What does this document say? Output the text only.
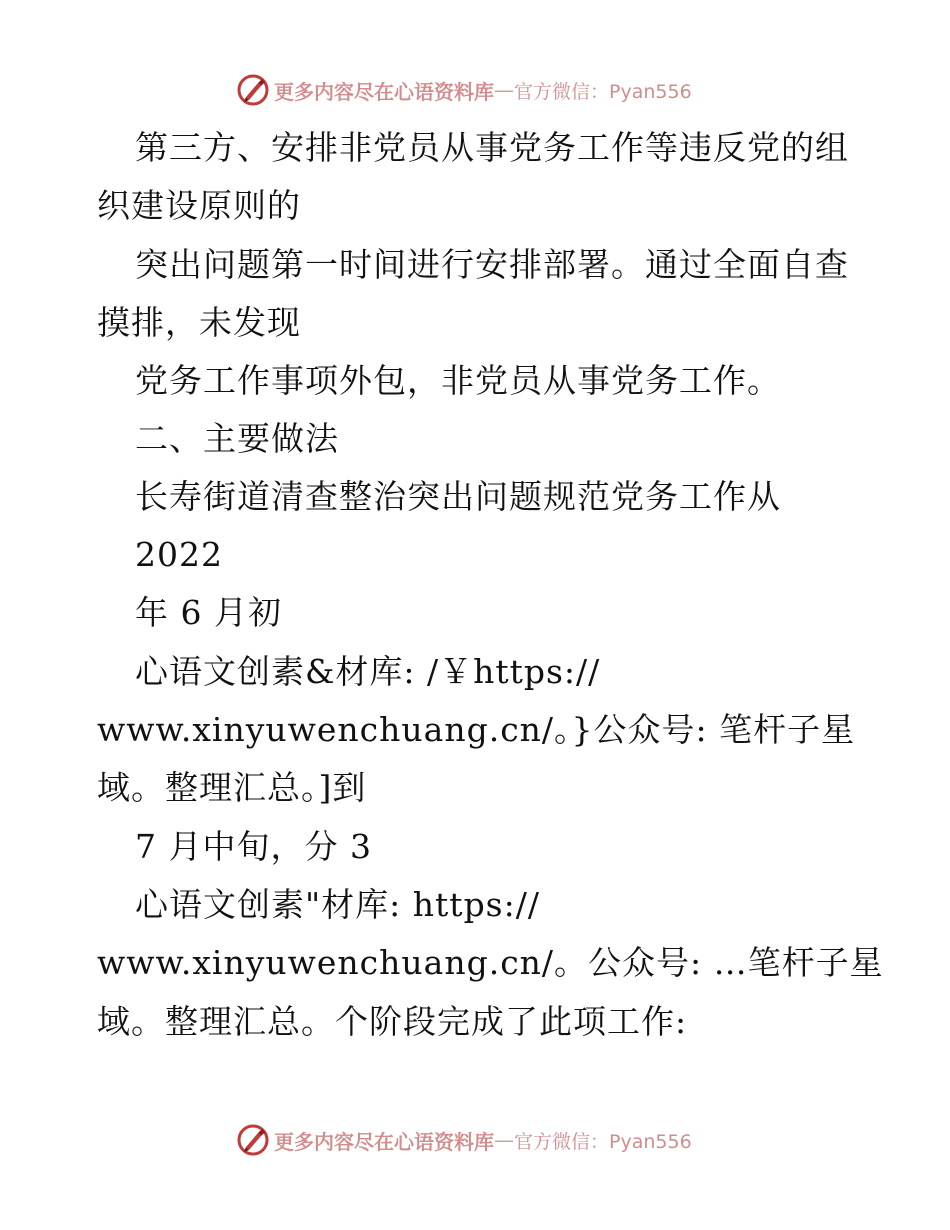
更多内容尽在心语资料库 — 官方微信：Pyan556
第三方、安排非党员从事党务工作等违反党的组
织建设原则的
突出问题第一时间进行安排部署。通过全面自查
摸排，未发现
党务工作事项外包，非党员从事党务工作。
二、主要做法
长寿街道清查整治突出问题规范党务工作从
2022
年 6 月初
心语文创素&材库: /￥https://
www.xinyuwenchuang.cn/。}公众号: 笔杆子星
域。整理汇总。]到
7 月中旬，分 3
心语文创素"材库: https://
www.xinyuwenchuang.cn/。公众号: …笔杆子星
域。整理汇总。个阶段完成了此项工作:
更多内容尽在心语资料库 — 官方微信：Pyan556
